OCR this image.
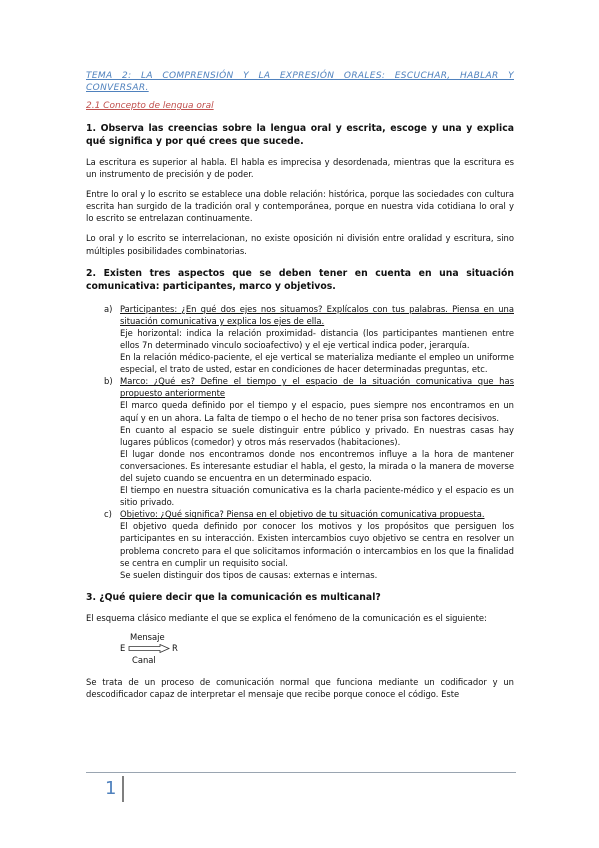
TEMA 2: LA COMPRENSIÓN Y LA EXPRESIÓN ORALES: ESCUCHAR, HABLAR Y CONVERSAR.
2.1 Concepto de lengua oral
1. Observa las creencias sobre la lengua oral y escrita, escoge y una y explica qué significa y por qué crees que sucede.
La escritura es superior al habla. El habla es imprecisa y desordenada, mientras que la escritura es un instrumento de precisión y de poder.
Entre lo oral y lo escrito se establece una doble relación: histórica, porque las sociedades con cultura escrita han surgido de la tradición oral y contemporánea, porque en nuestra vida cotidiana lo oral y lo escrito se entrelazan continuamente.
Lo oral y lo escrito se interrelacionan, no existe oposición ni división entre oralidad y escritura, sino múltiples posibilidades combinatorias.
2. Existen tres aspectos que se deben tener en cuenta en una situación comunicativa: participantes, marco y objetivos.
a) Participantes: ¿En qué dos ejes nos situamos? Explícalos con tus palabras. Piensa en una situación comunicativa y explica los ejes de ella.
Eje horizontal: indica la relación proximidad- distancia (los participantes mantienen entre ellos 7n determinado vinculo socioafectivo) y el eje vertical indica poder, jerarquía.
En la relación médico-paciente, el eje vertical se materializa mediante el empleo un uniforme especial, el trato de usted, estar en condiciones de hacer determinadas preguntas, etc.
b) Marco: ¿Qué es? Define el tiempo y el espacio de la situación comunicativa que has propuesto anteriormente
El marco queda definido por el tiempo y el espacio, pues siempre nos encontramos en un aquí y en un ahora. La falta de tiempo o el hecho de no tener prisa son factores decisivos.
En cuanto al espacio se suele distinguir entre público y privado. En nuestras casas hay lugares públicos (comedor) y otros más reservados (habitaciones).
El lugar donde nos encontramos donde nos encontremos influye a la hora de mantener conversaciones. Es interesante estudiar el habla, el gesto, la mirada o la manera de moverse del sujeto cuando se encuentra en un determinado espacio.
El tiempo en nuestra situación comunicativa es la charla paciente-médico y el espacio es un sitio privado.
c) Objetivo: ¿Qué significa? Piensa en el objetivo de tu situación comunicativa propuesta.
El objetivo queda definido por conocer los motivos y los propósitos que persiguen los participantes en su interacción. Existen intercambios cuyo objetivo se centra en resolver un problema concreto para el que solicitamos información o intercambios en los que la finalidad se centra en cumplir un requisito social.
Se suelen distinguir dos tipos de causas: externas e internas.
3. ¿Qué quiere decir que la comunicación es multicanal?
El esquema clásico mediante el que se explica el fenómeno de la comunicación es el siguiente:
Mensaje
E	R
Canal
Se trata de un proceso de comunicación normal que funciona mediante un codificador y un descodificador capaz de interpretar el mensaje que recibe porque conoce el código. Este
1
